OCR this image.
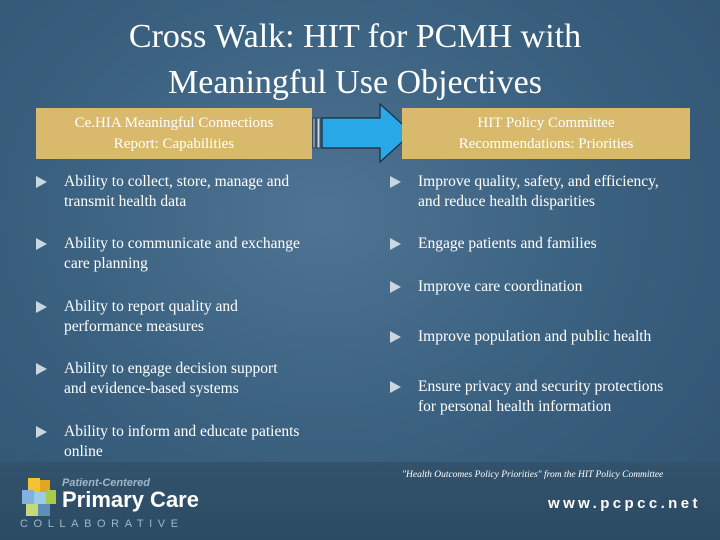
Cross Walk: HIT for PCMH with
Meaningful Use Objectives
Ce.HIA Meaningful Connections
Report: Capabilities
HIT Policy Committee
Recommendations: Priorities
Ability to collect, store, manage and
transmit health data
Ability to communicate and exchange
care planning
Ability to report quality and
performance measures
Ability to engage decision support
and evidence-based systems
Ability to inform and educate patients
online
Improve quality, safety, and efficiency,
and reduce health disparities
Engage patients and families
Improve care coordination
Improve population and public health
Ensure privacy and security protections
for personal health information
"Health Outcomes Policy Priorities" from the HIT Policy Committee
Patient-Centered
Primary Care
COLLABORATIVE
www.pcpcc.net
